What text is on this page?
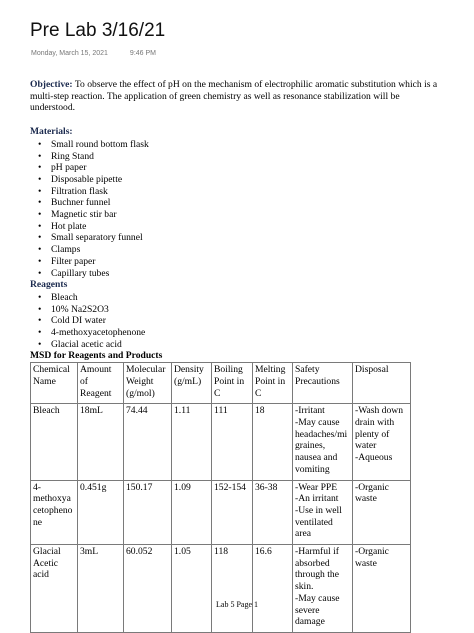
Pre Lab 3/16/21
Monday, March 15, 2021	9:46 PM

Objective: To observe the effect of pH on the mechanism of electrophilic aromatic substitution which is a multi-step reaction. The application of green chemistry as well as resonance stabilization will be understood.

Materials:

• Small round bottom flask
• Ring Stand
• pH paper
• Disposable pipette
• Filtration flask
• Buchner funnel
• Magnetic stir bar
• Hot plate
• Small separatory funnel
• Clamps
• Filter paper
• Capillary tubes

Reagents

• Bleach
• 10% Na2S2O3
• Cold DI water
• 4-methoxyacetophenone
• Glacial acetic acid

MSD for Reagents and Products

Chemical Name	Amount of Reagent	Molecular Weight (g/mol)	Density (g/mL)	Boiling Point in C	Melting Point in C	Safety Precautions	Disposal
Bleach	18mL	74.44	1.11	111	18	-Irritant
-May cause headaches/migraines, nausea and vomiting	-Wash down drain with plenty of water
-Aqueous
4-methoxyacetophenone	0.451g	150.17	1.09	152-154	36-38	-Wear PPE
-An irritant
-Use in well ventilated area	-Organic waste
Glacial Acetic acid	3mL	60.052	1.05	118	16.6	-Harmful if absorbed through the skin.
-May cause severe damage	-Organic waste
Lab 5 Page 1
